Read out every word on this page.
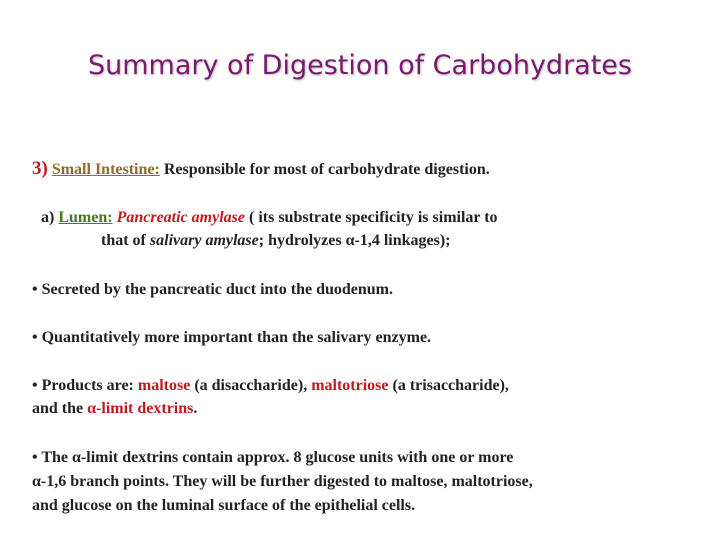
Summary of Digestion of Carbohydrates
3) Small Intestine: Responsible for most of carbohydrate digestion.
a) Lumen: Pancreatic amylase ( its substrate specificity is similar to
that of salivary amylase; hydrolyzes α-1,4 linkages);
• Secreted by the pancreatic duct into the duodenum.
• Quantitatively more important than the salivary enzyme.
• Products are: maltose (a disaccharide), maltotriose (a trisaccharide),
and the α-limit dextrins.
• The α-limit dextrins contain approx. 8 glucose units with one or more
α-1,6 branch points. They will be further digested to maltose, maltotriose,
and glucose on the luminal surface of the epithelial cells.
